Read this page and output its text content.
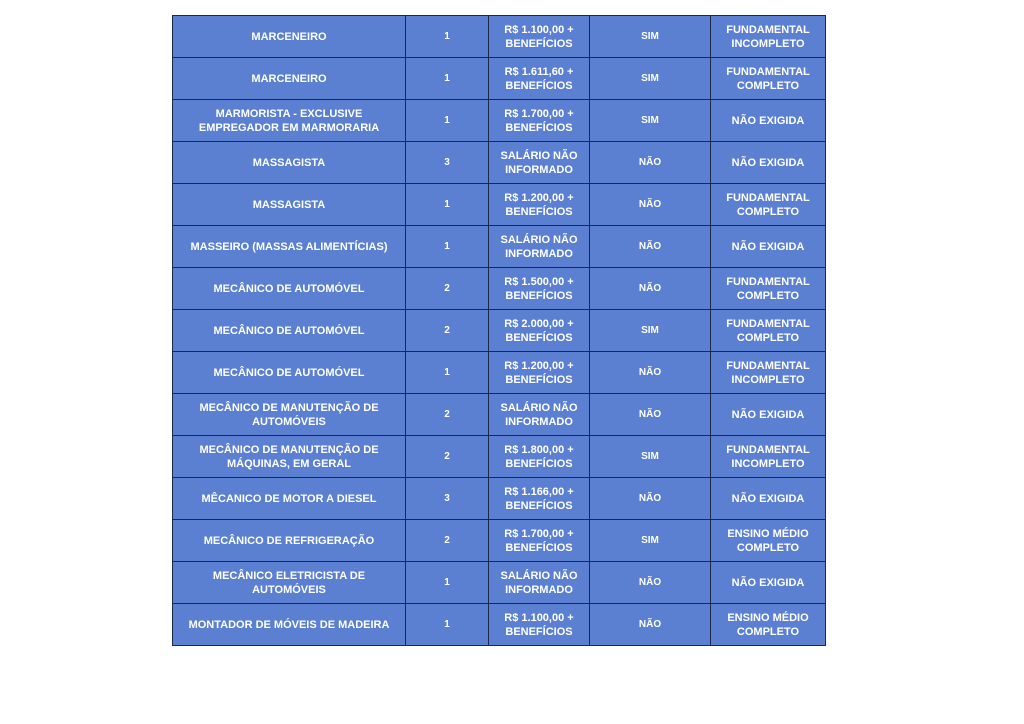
MARCENEIRO	1	R$ 1.100,00 + BENEFÍCIOS	SIM	FUNDAMENTAL INCOMPLETO
MARCENEIRO	1	R$ 1.611,60 + BENEFÍCIOS	SIM	FUNDAMENTAL COMPLETO
MARMORISTA - EXCLUSIVE EMPREGADOR EM MARMORARIA	1	R$ 1.700,00 + BENEFÍCIOS	SIM	NÃO EXIGIDA
MASSAGISTA	3	SALÁRIO NÃO INFORMADO	NÃO	NÃO EXIGIDA
MASSAGISTA	1	R$ 1.200,00 + BENEFÍCIOS	NÃO	FUNDAMENTAL COMPLETO
MASSEIRO (MASSAS ALIMENTÍCIAS)	1	SALÁRIO NÃO INFORMADO	NÃO	NÃO EXIGIDA
MECÂNICO DE AUTOMÓVEL	2	R$ 1.500,00 + BENEFÍCIOS	NÃO	FUNDAMENTAL COMPLETO
MECÂNICO DE AUTOMÓVEL	2	R$ 2.000,00 + BENEFÍCIOS	SIM	FUNDAMENTAL COMPLETO
MECÂNICO DE AUTOMÓVEL	1	R$ 1.200,00 + BENEFÍCIOS	NÃO	FUNDAMENTAL INCOMPLETO
MECÂNICO DE MANUTENÇÃO DE AUTOMÓVEIS	2	SALÁRIO NÃO INFORMADO	NÃO	NÃO EXIGIDA
MECÂNICO DE MANUTENÇÃO DE MÁQUINAS, EM GERAL	2	R$ 1.800,00 + BENEFÍCIOS	SIM	FUNDAMENTAL INCOMPLETO
MÊCANICO DE MOTOR A DIESEL	3	R$ 1.166,00 + BENEFÍCIOS	NÃO	NÃO EXIGIDA
MECÂNICO DE REFRIGERAÇÃO	2	R$ 1.700,00 + BENEFÍCIOS	SIM	ENSINO MÉDIO COMPLETO
MECÂNICO ELETRICISTA DE AUTOMÓVEIS	1	SALÁRIO NÃO INFORMADO	NÃO	NÃO EXIGIDA
MONTADOR DE MÓVEIS DE MADEIRA	1	R$ 1.100,00 + BENEFÍCIOS	NÃO	ENSINO MÉDIO COMPLETO
